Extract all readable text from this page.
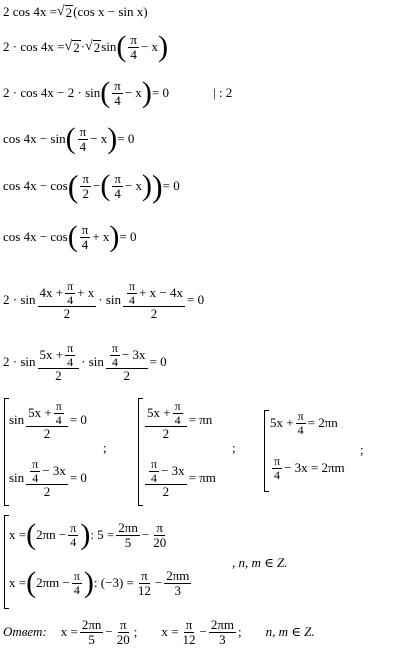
2 cos 4x = √ 2 (cos x − sin x)
2 · cos 4x = √ 2 · √ 2 sin ( $\frac{\pi}{4} - x$ )
2 · cos 4x − 2 · sin ( $\frac{\pi}{4} - x$ ) = 0	| : 2
cos 4x − sin ( $\frac{\pi}{4} - x$ ) = 0
cos 4x − cos ( $\frac{\pi}{2}$ − ( $\frac{\pi}{4} - x$ ) ) = 0
cos 4x − cos ( $\frac{\pi}{4} + x$ ) = 0
$2 \cdot \sin \frac{4x + \frac{\pi}{4} + x}{2} \cdot \sin \frac{\frac{\pi}{4} + x - 4x}{2} = 0$
$2 \cdot \sin \frac{5x + \frac{\pi}{4}}{2} \cdot \sin \frac{\frac{\pi}{4} - 3x}{2} = 0$
$\sin \frac{5x + \frac{\pi}{4}}{2} = 0$
$\sin \frac{\frac{\pi}{4} - 3x}{2} = 0$
;
$\frac{5x + \frac{\pi}{4}}{2} = \pi n$
$\frac{\frac{\pi}{4} - 3x}{2} = \pi m$
;
$5x + \frac{\pi}{4} = 2\pi n$
$\frac{\pi}{4} - 3x = 2\pi m$
;
x = ( $2\pi n - \frac{\pi}{4}$ ) : $5 = \frac{2\pi n}{5} - \frac{\pi}{20}$
x = ( $2\pi m - \frac{\pi}{4}$ ) : $(-3) = \frac{\pi}{12} - \frac{2\pi m}{3}$
, n, m ∈ Z.
Ответ: $x = \frac{2\pi n}{5} - \frac{\pi}{20}$ ; $x = \frac{\pi}{12} - \frac{2\pi m}{3}$ ; n, m ∈ Z.
